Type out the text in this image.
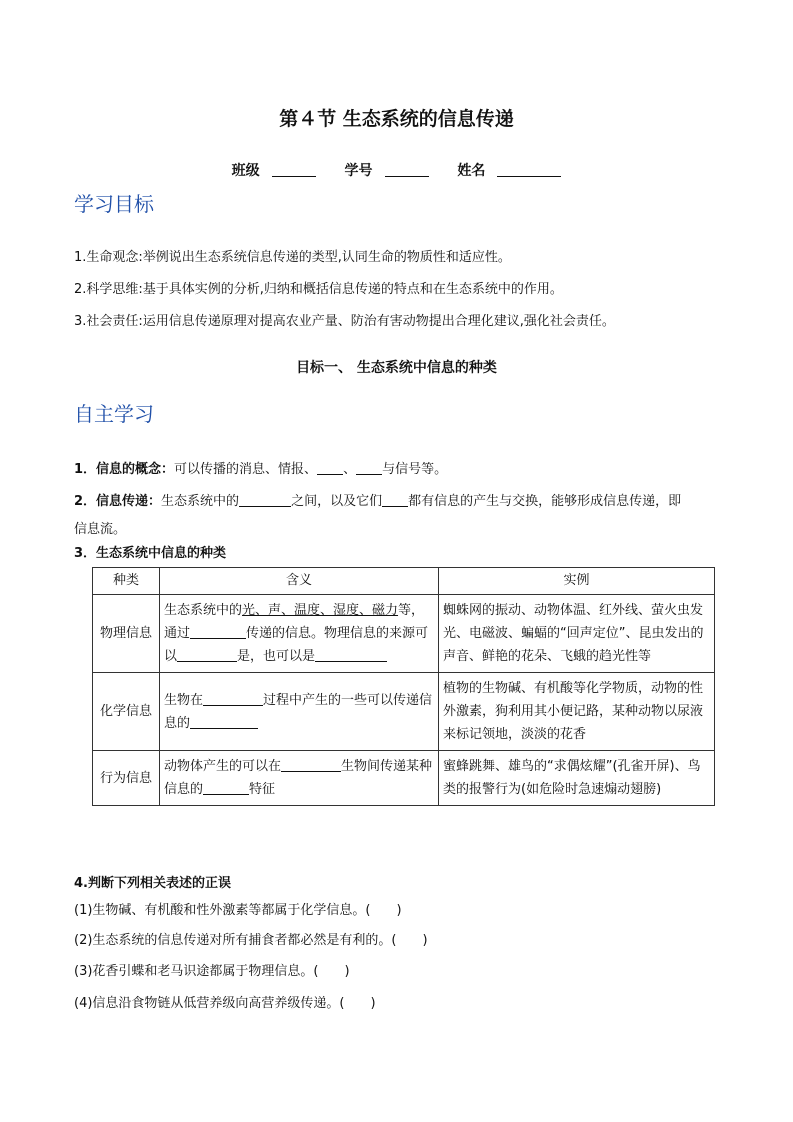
第４节 生态系统的信息传递
班级	学号	姓名
学习目标
1.生命观念:举例说出生态系统信息传递的类型,认同生命的物质性和适应性。
2.科学思维:基于具体实例的分析,归纳和概括信息传递的特点和在生态系统中的作用。
3.社会责任:运用信息传递原理对提高农业产量、防治有害动物提出合理化建议,强化社会责任。
目标一、 生态系统中信息的种类
自主学习
1．信息的概念：可以传播的消息、情报、 、 与信号等。
2．信息传递：生态系统中的	之间，以及它们 都有信息的产生与交换，能够形成信息传递，即
信息流。
3．生态系统中信息的种类
种类	含义	实例
物理信息	生态系统中的光、声、温度、湿度、磁力等，通过 传递的信息。物理信息的来源可以 是，也可以是	蜘蛛网的振动、动物体温、红外线、萤火虫发光、电磁波、蝙蝠的“回声定位”、昆虫发出的声音、鲜艳的花朵、飞蛾的趋光性等
化学信息	生物在 过程中产生的一些可以传递信息的	植物的生物碱、有机酸等化学物质，动物的性外激素，狗利用其小便记路，某种动物以尿液来标记领地，淡淡的花香
行为信息	动物体产生的可以在 生物间传递某种信息的 特征	蜜蜂跳舞、雄鸟的“求偶炫耀”(孔雀开屏)、鸟类的报警行为(如危险时急速煽动翅膀)
4.判断下列相关表述的正误
(1)生物碱、有机酸和性外激素等都属于化学信息。(　　)
(2)生态系统的信息传递对所有捕食者都必然是有利的。(　　)
(3)花香引蝶和老马识途都属于物理信息。(　　)
(4)信息沿食物链从低营养级向高营养级传递。(　　)
